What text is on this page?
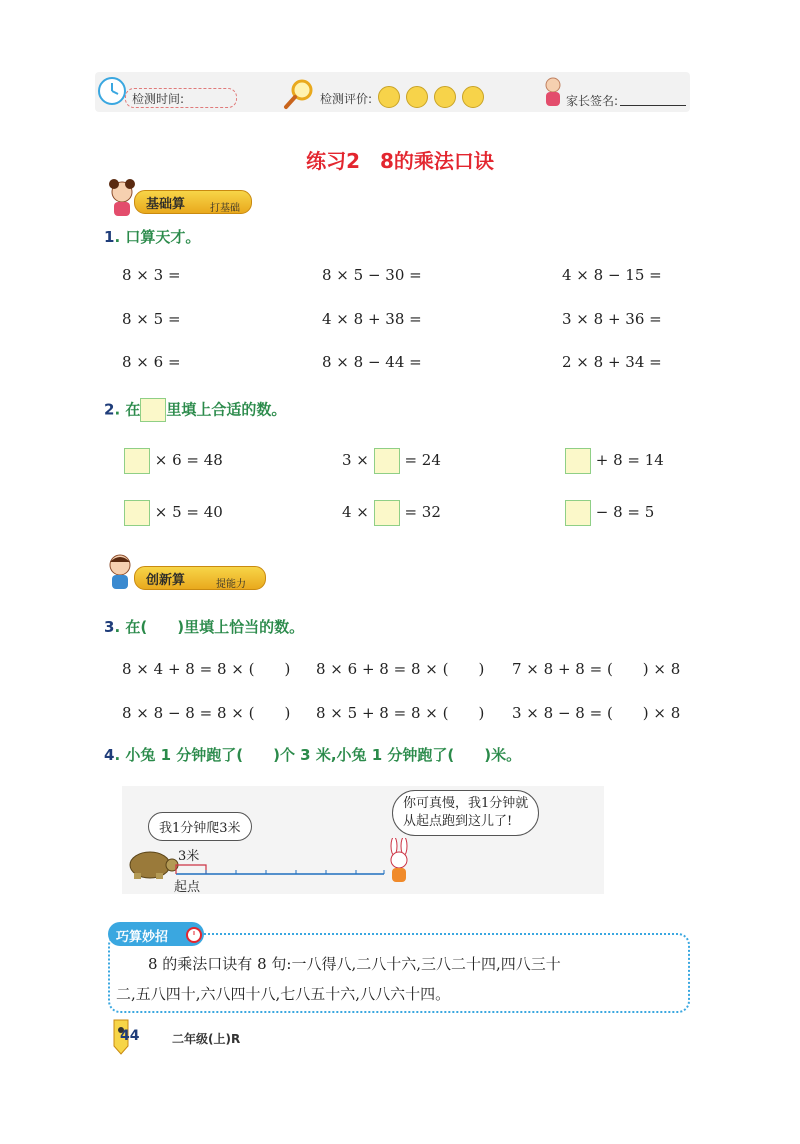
检测时间:	检测评价:	家长签名:
练习2　8的乘法口诀
基础算 打基础
1. 口算天才。
8 × 3 =	8 × 5 − 30 =	4 × 8 − 15 =
8 × 5 =	4 × 8 + 38 =	3 × 8 + 36 =
8 × 6 =	8 × 8 − 44 =	2 × 8 + 34 =
2. 在 里填上合适的数。
× 6 = 48	3 × = 24	+ 8 = 14
× 5 = 40	4 × = 32	− 8 = 5
创新算	提能力
3. 在(　　)里填上恰当的数。
8 × 4 + 8 = 8 × (　　) 8 × 6 + 8 = 8 × (　　) 7 × 8 + 8 = (　　) × 8
8 × 8 − 8 = 8 × (　　) 8 × 5 + 8 = 8 × (　　) 3 × 8 − 8 = (　　) × 8
4. 小兔 1 分钟跑了(　　)个 3 米,小兔 1 分钟跑了(　　)米。
我1分钟爬3米
你可真慢，我1分钟就
从起点跑到这儿了!
3米
起点
巧算妙招
8 的乘法口诀有 8 句:一八得八,二八十六,三八二十四,四八三十
二,五八四十,六八四十八,七八五十六,八八六十四。
44	二年级(上)R
